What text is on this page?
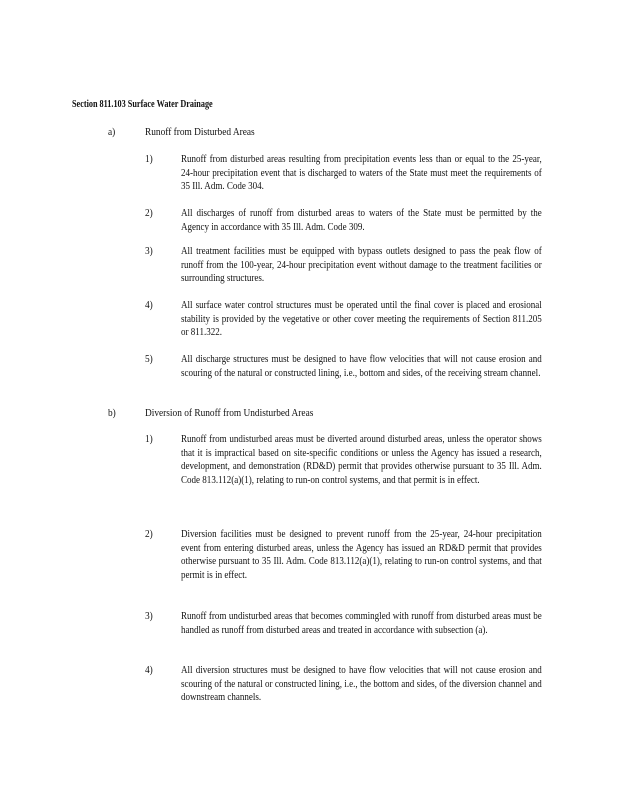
Section 811.103 Surface Water Drainage
a)	Runoff from Disturbed Areas
1)	Runoff from disturbed areas resulting from precipitation events less than or equal to the 25-year, 24-hour precipitation event that is discharged to waters of the State must meet the requirements of 35 Ill. Adm. Code 304.
2)	All discharges of runoff from disturbed areas to waters of the State must be permitted by the Agency in accordance with 35 Ill. Adm. Code 309.
3)	All treatment facilities must be equipped with bypass outlets designed to pass the peak flow of runoff from the 100-year, 24-hour precipitation event without damage to the treatment facilities or surrounding structures.
4)	All surface water control structures must be operated until the final cover is placed and erosional stability is provided by the vegetative or other cover meeting the requirements of Section 811.205 or 811.322.
5)	All discharge structures must be designed to have flow velocities that will not cause erosion and scouring of the natural or constructed lining, i.e., bottom and sides, of the receiving stream channel.
b)	Diversion of Runoff from Undisturbed Areas
1)	Runoff from undisturbed areas must be diverted around disturbed areas, unless the operator shows that it is impractical based on site-specific conditions or unless the Agency has issued a research, development, and demonstration (RD&D) permit that provides otherwise pursuant to 35 Ill. Adm. Code 813.112(a)(1), relating to run-on control systems, and that permit is in effect.
2)	Diversion facilities must be designed to prevent runoff from the 25-year, 24-hour precipitation event from entering disturbed areas, unless the Agency has issued an RD&D permit that provides otherwise pursuant to 35 Ill. Adm. Code 813.112(a)(1), relating to run-on control systems, and that permit is in effect.
3)	Runoff from undisturbed areas that becomes commingled with runoff from disturbed areas must be handled as runoff from disturbed areas and treated in accordance with subsection (a).
4)	All diversion structures must be designed to have flow velocities that will not cause erosion and scouring of the natural or constructed lining, i.e., the bottom and sides, of the diversion channel and downstream channels.
